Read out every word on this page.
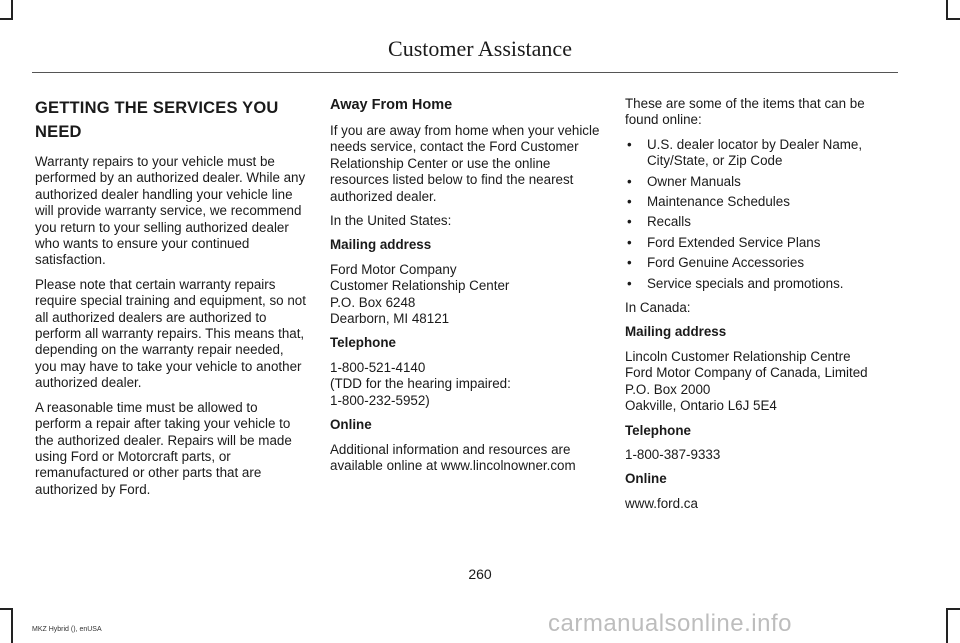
Customer Assistance
GETTING THE SERVICES YOU
NEED

Warranty repairs to your vehicle must be performed by an authorized dealer. While any authorized dealer handling your vehicle line will provide warranty service, we recommend you return to your selling authorized dealer who wants to ensure your continued satisfaction.

Please note that certain warranty repairs require special training and equipment, so not all authorized dealers are authorized to perform all warranty repairs. This means that, depending on the warranty repair needed, you may have to take your vehicle to another authorized dealer.

A reasonable time must be allowed to perform a repair after taking your vehicle to the authorized dealer. Repairs will be made using Ford or Motorcraft parts, or remanufactured or other parts that are authorized by Ford.

Away From Home

If you are away from home when your vehicle needs service, contact the Ford Customer Relationship Center or use the online resources listed below to find the nearest authorized dealer.

In the United States:

Mailing address

Ford Motor Company
Customer Relationship Center
P.O. Box 6248
Dearborn, MI 48121

Telephone

1-800-521-4140
(TDD for the hearing impaired:
1-800-232-5952)

Online

Additional information and resources are available online at www.lincolnowner.com

These are some of the items that can be found online:

• U.S. dealer locator by Dealer Name, City/State, or Zip Code
• Owner Manuals
• Maintenance Schedules
• Recalls
• Ford Extended Service Plans
• Ford Genuine Accessories
• Service specials and promotions.

In Canada:

Mailing address

Lincoln Customer Relationship Centre
Ford Motor Company of Canada, Limited
P.O. Box 2000
Oakville, Ontario L6J 5E4

Telephone

1-800-387-9333

Online

www.ford.ca

260
MKZ Hybrid (), enUSA	carmanualsonline.info
